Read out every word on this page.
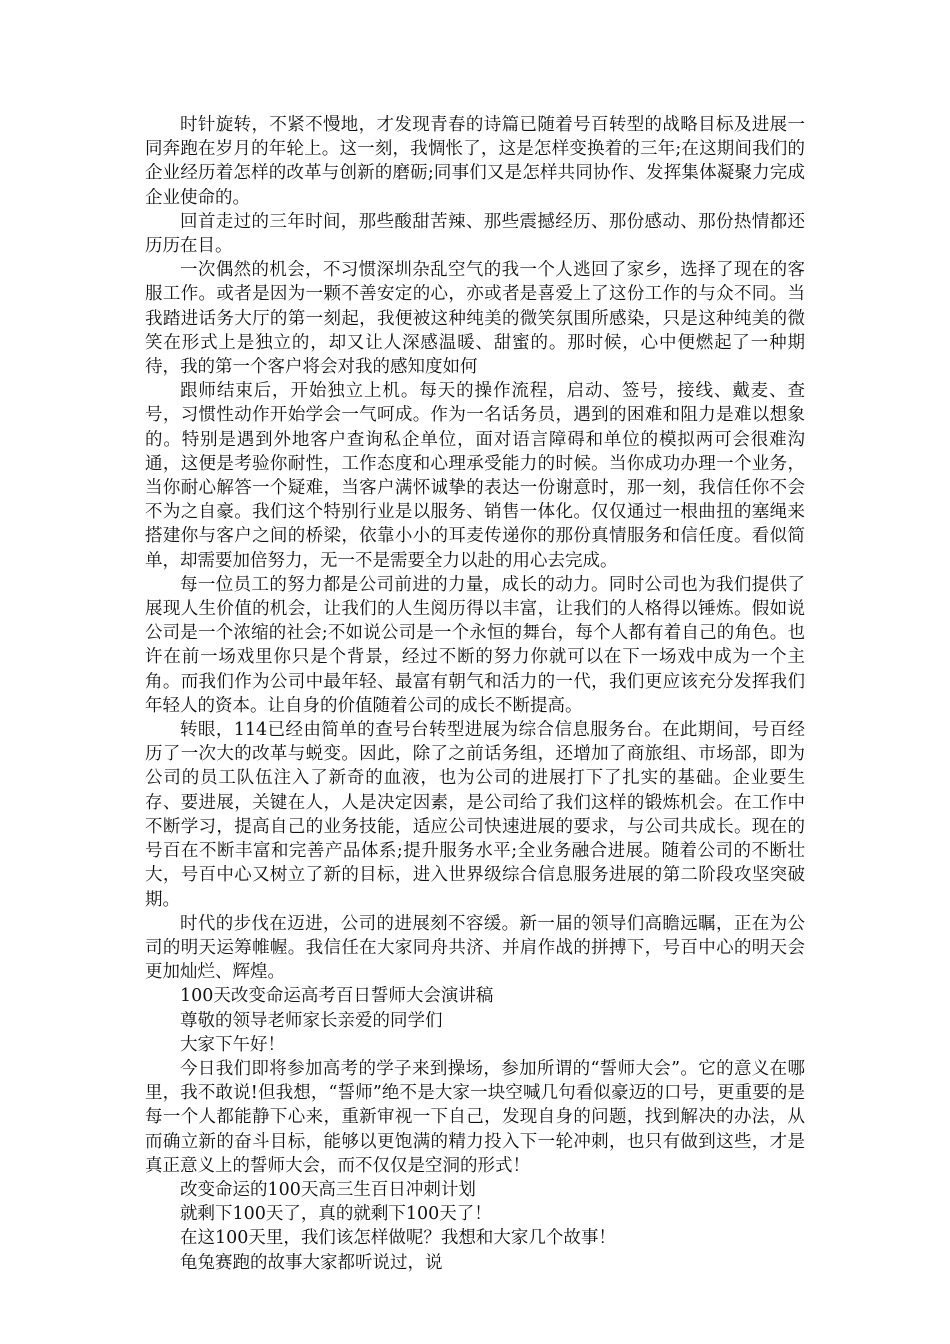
时针旋转，不紧不慢地，才发现青春的诗篇已随着号百转型的战略目标及进展一同奔跑在岁月的年轮上。这一刻，我惆怅了，这是怎样变换着的三年;在这期间我们的企业经历着怎样的改革与创新的磨砺;同事们又是怎样共同协作、发挥集体凝聚力完成企业使命的。

回首走过的三年时间，那些酸甜苦辣、那些震撼经历、那份感动、那份热情都还历历在目。

一次偶然的机会，不习惯深圳杂乱空气的我一个人逃回了家乡，选择了现在的客服工作。或者是因为一颗不善安定的心，亦或者是喜爱上了这份工作的与众不同。当我踏进话务大厅的第一刻起，我便被这种纯美的微笑氛围所感染，只是这种纯美的微笑在形式上是独立的，却又让人深感温暖、甜蜜的。那时候，心中便燃起了一种期待，我的第一个客户将会对我的感知度如何

跟师结束后，开始独立上机。每天的操作流程，启动、签号，接线、戴麦、查号，习惯性动作开始学会一气呵成。作为一名话务员，遇到的困难和阻力是难以想象的。特别是遇到外地客户查询私企单位，面对语言障碍和单位的模拟两可会很难沟通，这便是考验你耐性，工作态度和心理承受能力的时候。当你成功办理一个业务，当你耐心解答一个疑难，当客户满怀诚挚的表达一份谢意时，那一刻，我信任你不会不为之自豪。我们这个特别行业是以服务、销售一体化。仅仅通过一根曲扭的塞绳来搭建你与客户之间的桥梁，依靠小小的耳麦传递你的那份真情服务和信任度。看似简单，却需要加倍努力，无一不是需要全力以赴的用心去完成。

每一位员工的努力都是公司前进的力量，成长的动力。同时公司也为我们提供了展现人生价值的机会，让我们的人生阅历得以丰富，让我们的人格得以锤炼。假如说公司是一个浓缩的社会;不如说公司是一个永恒的舞台，每个人都有着自己的角色。也许在前一场戏里你只是个背景，经过不断的努力你就可以在下一场戏中成为一个主角。而我们作为公司中最年轻、最富有朝气和活力的一代，我们更应该充分发挥我们年轻人的资本。让自身的价值随着公司的成长不断提高。

转眼，114已经由简单的查号台转型进展为综合信息服务台。在此期间，号百经历了一次大的改革与蜕变。因此，除了之前话务组，还增加了商旅组、市场部，即为公司的员工队伍注入了新奇的血液，也为公司的进展打下了扎实的基础。企业要生存、要进展，关键在人，人是决定因素，是公司给了我们这样的锻炼机会。在工作中不断学习，提高自己的业务技能，适应公司快速进展的要求，与公司共成长。现在的号百在不断丰富和完善产品体系;提升服务水平;全业务融合进展。随着公司的不断壮大，号百中心又树立了新的目标，进入世界级综合信息服务进展的第二阶段攻坚突破期。

时代的步伐在迈进，公司的进展刻不容缓。新一届的领导们高瞻远瞩，正在为公司的明天运筹帷幄。我信任在大家同舟共济、并肩作战的拼搏下，号百中心的明天会更加灿烂、辉煌。

100天改变命运高考百日誓师大会演讲稿

尊敬的领导老师家长亲爱的同学们

大家下午好！

今日我们即将参加高考的学子来到操场，参加所谓的“誓师大会”。它的意义在哪里，我不敢说!但我想，“誓师”绝不是大家一块空喊几句看似豪迈的口号，更重要的是每一个人都能静下心来，重新审视一下自己，发现自身的问题，找到解决的办法，从而确立新的奋斗目标，能够以更饱满的精力投入下一轮冲刺，也只有做到这些，才是真正意义上的誓师大会，而不仅仅是空洞的形式！

改变命运的100天高三生百日冲刺计划

就剩下100天了，真的就剩下100天了！

在这100天里，我们该怎样做呢？我想和大家几个故事！

龟兔赛跑的故事大家都听说过，说
